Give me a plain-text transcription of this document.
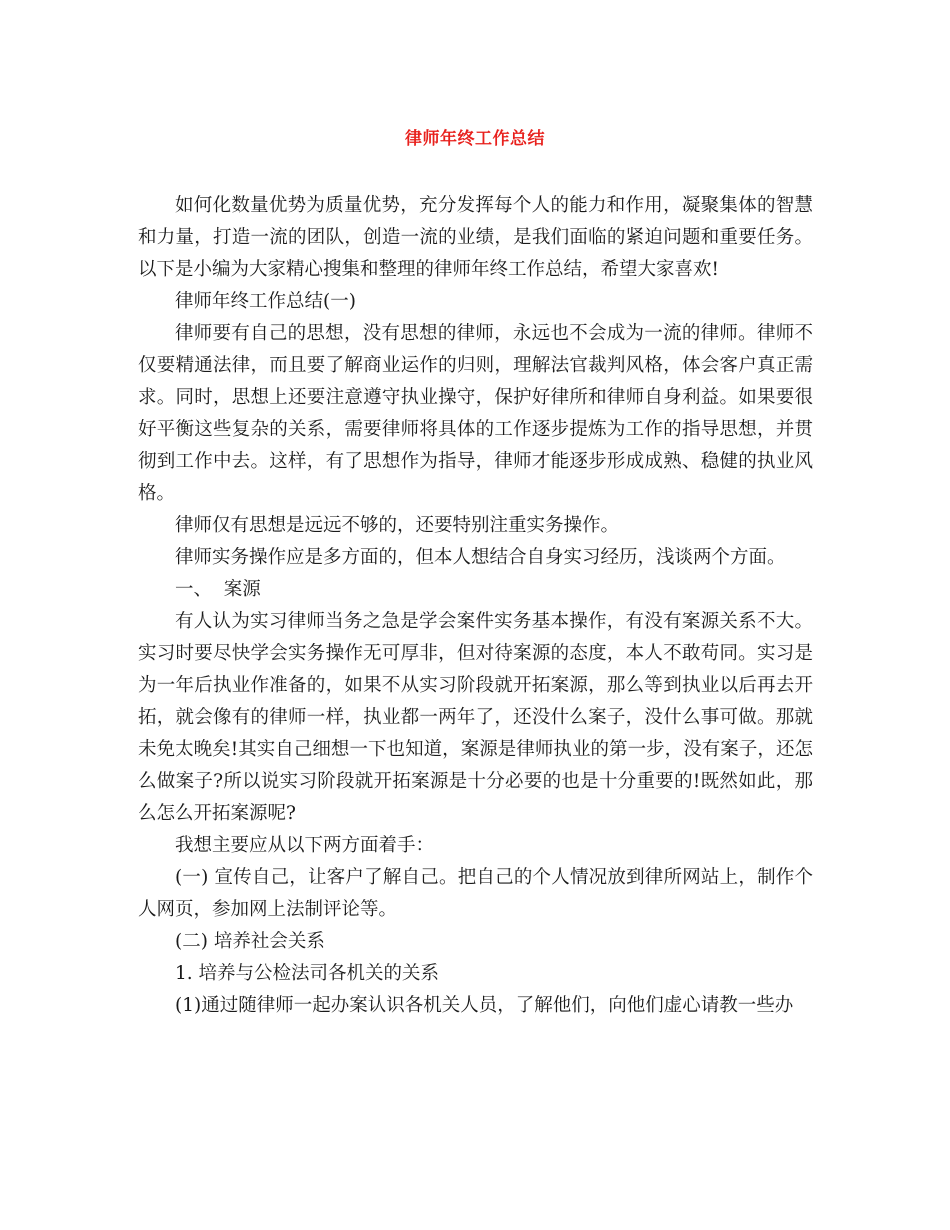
律师年终工作总结

如何化数量优势为质量优势，充分发挥每个人的能力和作用，凝聚集体的智慧和力量，打造一流的团队，创造一流的业绩，是我们面临的紧迫问题和重要任务。以下是小编为大家精心搜集和整理的律师年终工作总结，希望大家喜欢!

律师年终工作总结(一)

律师要有自己的思想，没有思想的律师，永远也不会成为一流的律师。律师不仅要精通法律，而且要了解商业运作的归则，理解法官裁判风格，体会客户真正需求。同时，思想上还要注意遵守执业操守，保护好律所和律师自身利益。如果要很好平衡这些复杂的关系，需要律师将具体的工作逐步提炼为工作的指导思想，并贯彻到工作中去。这样，有了思想作为指导，律师才能逐步形成成熟、稳健的执业风格。

律师仅有思想是远远不够的，还要特别注重实务操作。

律师实务操作应是多方面的，但本人想结合自身实习经历，浅谈两个方面。

一、  案源

有人认为实习律师当务之急是学会案件实务基本操作，有没有案源关系不大。实习时要尽快学会实务操作无可厚非，但对待案源的态度，本人不敢苟同。实习是为一年后执业作准备的，如果不从实习阶段就开拓案源，那么等到执业以后再去开拓，就会像有的律师一样，执业都一两年了，还没什么案子，没什么事可做。那就未免太晚矣!其实自己细想一下也知道，案源是律师执业的第一步，没有案子，还怎么做案子?所以说实习阶段就开拓案源是十分必要的也是十分重要的!既然如此，那么怎么开拓案源呢?

我想主要应从以下两方面着手：

(一) 宣传自己，让客户了解自己。把自己的个人情况放到律所网站上，制作个人网页，参加网上法制评论等。

(二) 培养社会关系

1. 培养与公检法司各机关的关系

(1)通过随律师一起办案认识各机关人员，了解他们，向他们虚心请教一些办
